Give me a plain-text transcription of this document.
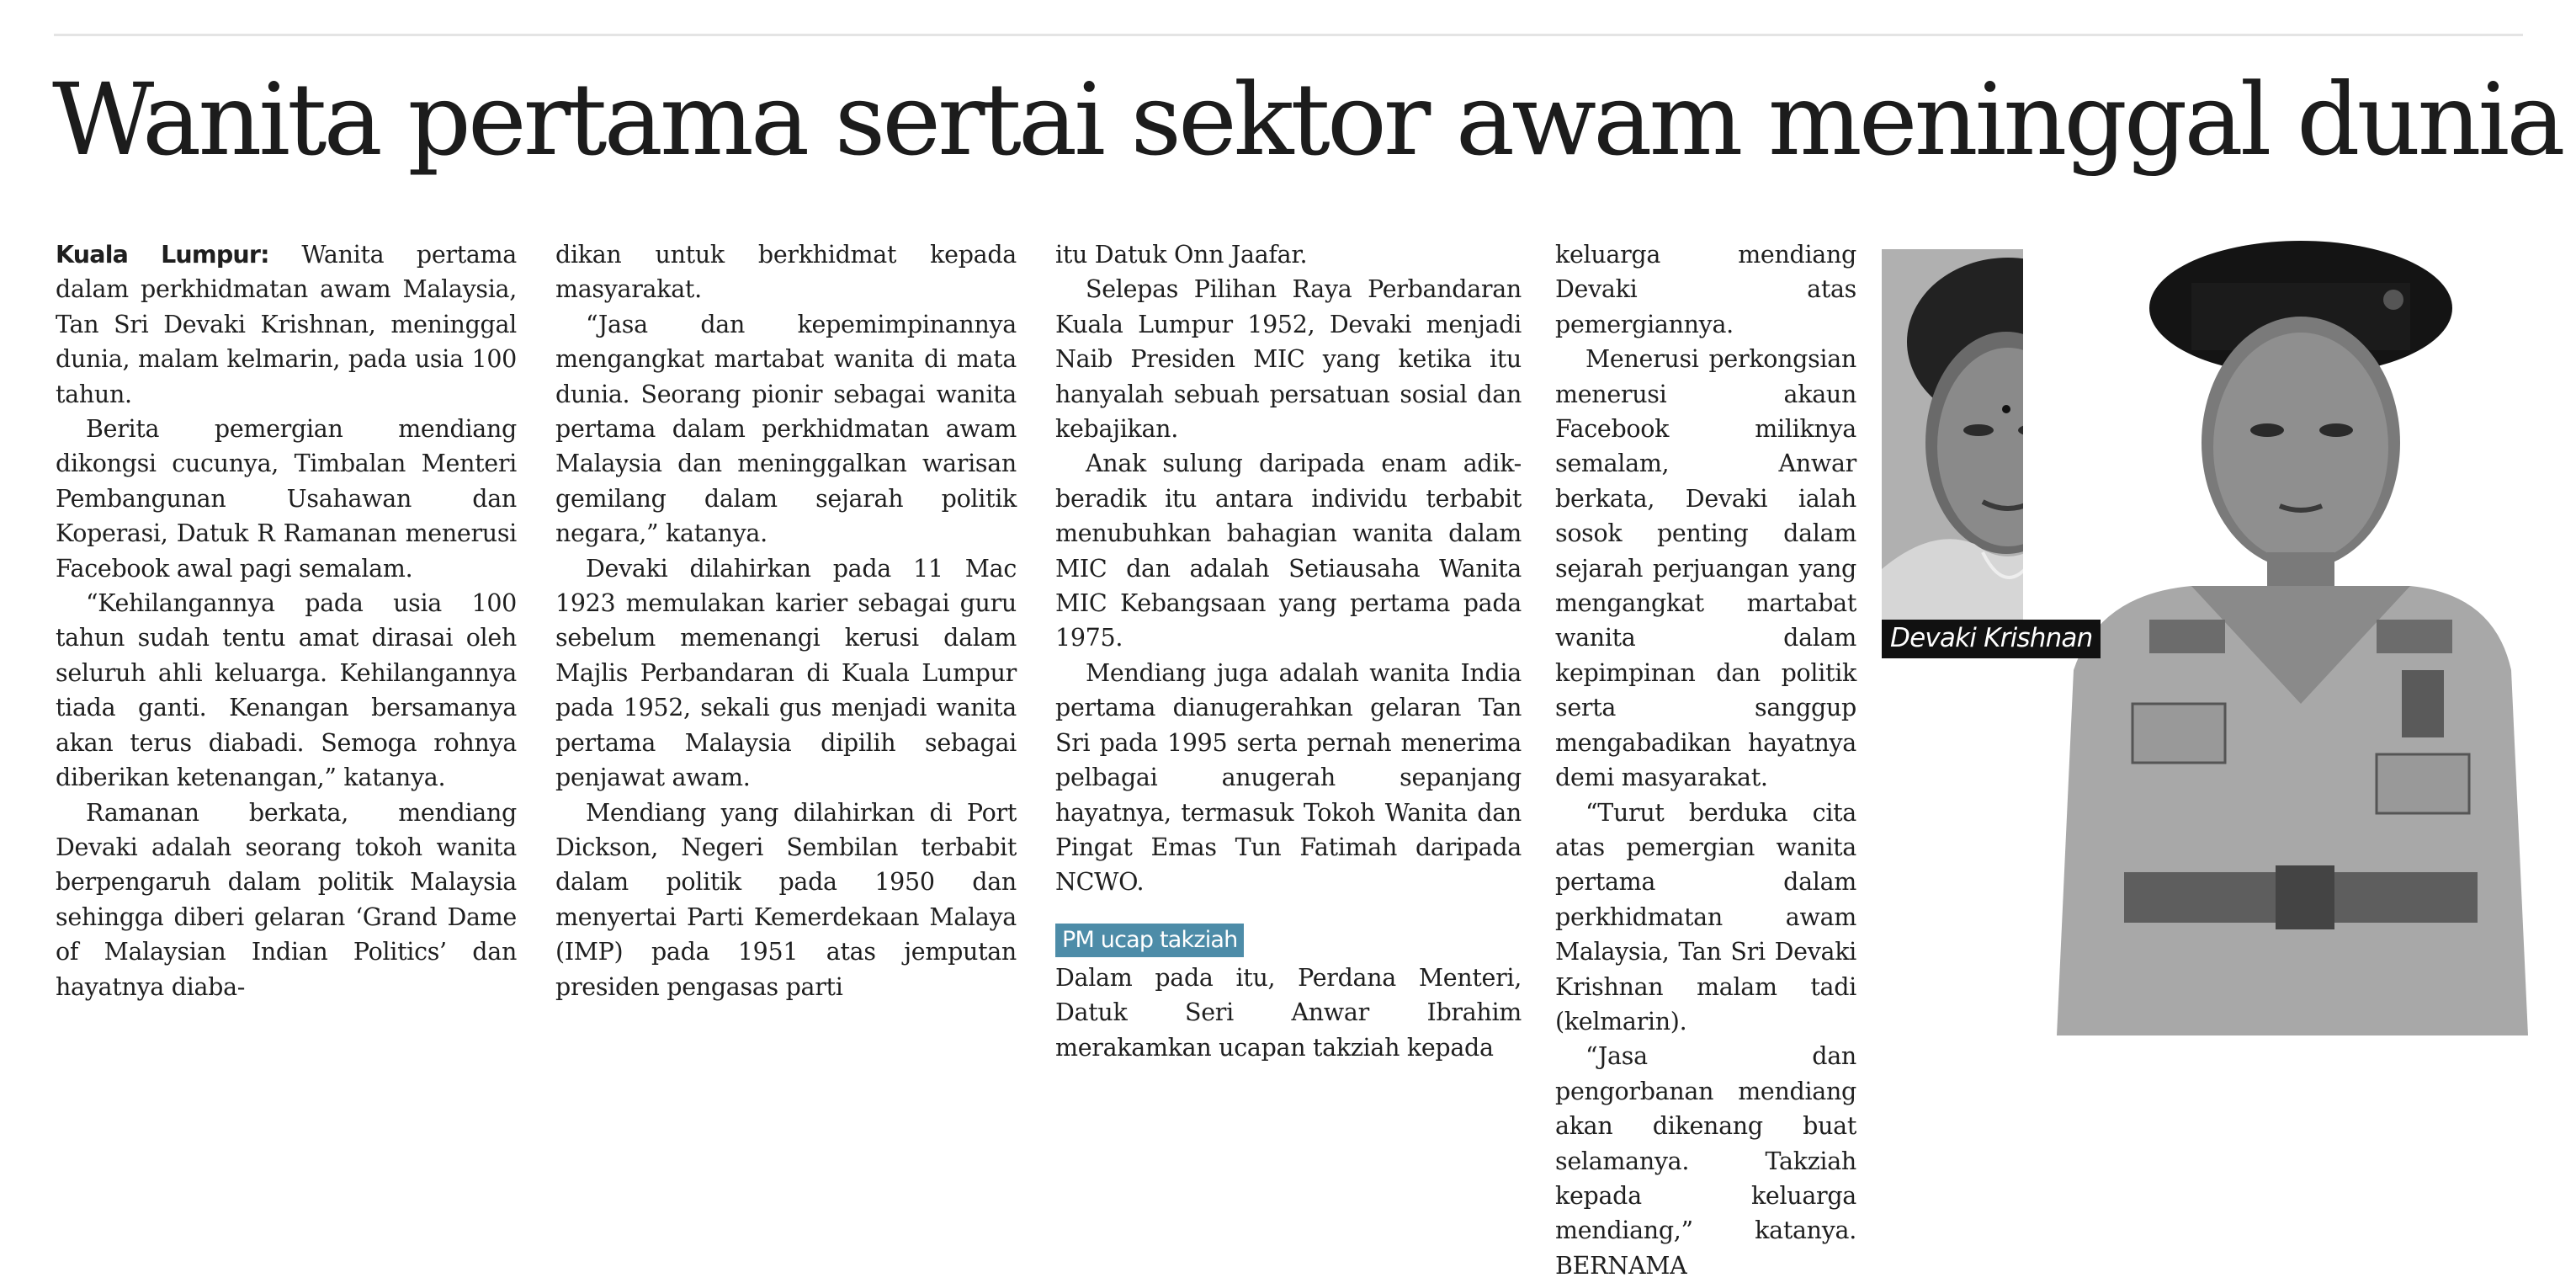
Wanita pertama sertai sektor awam meninggal dunia

Kuala Lumpur: Wanita pertama dalam perkhidmatan awam Malaysia, Tan Sri Devaki Krishnan, meninggal dunia, malam kelmarin, pada usia 100 tahun.

Berita pemergian mendiang dikongsi cucunya, Timbalan Menteri Pembangunan Usahawan dan Koperasi, Datuk R Ramanan menerusi Facebook awal pagi semalam.

“Kehilangannya pada usia 100 tahun sudah tentu amat dirasai oleh seluruh ahli keluarga. Kehilangannya tiada ganti. Kenangan bersamanya akan terus diabadi. Semoga rohnya diberikan ketenangan,” katanya.

Ramanan berkata, mendiang Devaki adalah seorang tokoh wanita berpengaruh dalam politik Malaysia sehingga diberi gelaran ‘Grand Dame of Malaysian Indian Politics’ dan hayatnya diaba-

dikan untuk berkhidmat kepada masyarakat.

“Jasa dan kepemimpinannya mengangkat martabat wanita di mata dunia. Seorang pionir sebagai wanita pertama dalam perkhidmatan awam Malaysia dan meninggalkan warisan gemilang dalam sejarah politik negara,” katanya.

Devaki dilahirkan pada 11 Mac 1923 memulakan karier sebagai guru sebelum memenangi kerusi dalam Majlis Perbandaran di Kuala Lumpur pada 1952, sekali gus menjadi wanita pertama Malaysia dipilih sebagai penjawat awam.

Mendiang yang dilahirkan di Port Dickson, Negeri Sembilan terbabit dalam politik pada 1950 dan menyertai Parti Kemerdekaan Malaya (IMP) pada 1951 atas jemputan presiden pengasas parti

itu Datuk Onn Jaafar.

Selepas Pilihan Raya Perbandaran Kuala Lumpur 1952, Devaki menjadi Naib Presiden MIC yang ketika itu hanyalah sebuah persatuan sosial dan kebajikan.

Anak sulung daripada enam adik-beradik itu antara individu terbabit menubuhkan bahagian wanita dalam MIC dan adalah Setiausaha Wanita MIC Kebangsaan yang pertama pada 1975.

Mendiang juga adalah wanita India pertama dianugerahkan gelaran Tan Sri pada 1995 serta pernah menerima pelbagai anugerah sepanjang hayatnya, termasuk Tokoh Wanita dan Pingat Emas Tun Fatimah daripada NCWO.

PM ucap takziah

Dalam pada itu, Perdana Menteri, Datuk Seri Anwar Ibrahim merakamkan ucapan takziah kepada

keluarga mendiang Devaki atas pemergiannya.

Menerusi perkongsian menerusi akaun Facebook miliknya semalam, Anwar berkata, Devaki ialah sosok penting dalam sejarah perjuangan yang mengangkat martabat wanita dalam kepimpinan dan politik serta sanggup mengabadikan hayatnya demi masyarakat.

“Turut berduka cita atas pemergian wanita pertama dalam perkhidmatan awam Malaysia, Tan Sri Devaki Krishnan malam tadi (kelmarin).

“Jasa dan pengorbanan mendiang akan dikenang buat selamanya. Takziah kepada keluarga mendiang,” katanya. BERNAMA

Devaki Krishnan
